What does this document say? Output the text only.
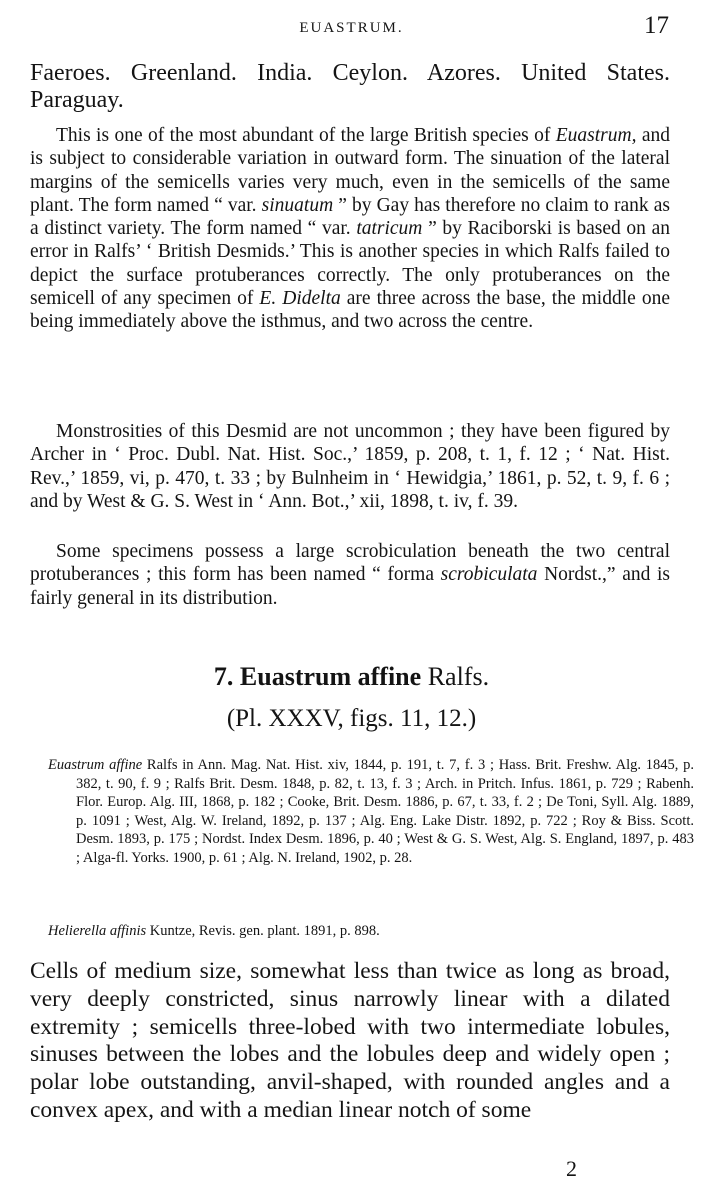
EUASTRUM.	17

Faeroes. Greenland. India. Ceylon. Azores. United States. Paraguay.

This is one of the most abundant of the large British species of Euastrum, and is subject to considerable variation in outward form. The sinuation of the lateral margins of the semicells varies very much, even in the semicells of the same plant. The form named “ var. sinuatum ” by Gay has therefore no claim to rank as a distinct variety. The form named “ var. tatricum ” by Raciborski is based on an error in Ralfs’ ‘ British Desmids.’ This is another species in which Ralfs failed to depict the surface protuberances correctly. The only protuberances on the semicell of any specimen of E. Didelta are three across the base, the middle one being immediately above the isthmus, and two across the centre.

Monstrosities of this Desmid are not uncommon ; they have been figured by Archer in ‘ Proc. Dubl. Nat. Hist. Soc.,’ 1859, p. 208, t. 1, f. 12 ; ‘ Nat. Hist. Rev.,’ 1859, vi, p. 470, t. 33 ; by Bulnheim in ‘ Hewidgia,’ 1861, p. 52, t. 9, f. 6 ; and by West & G. S. West in ‘ Ann. Bot.,’ xii, 1898, t. iv, f. 39.

Some specimens possess a large scrobiculation beneath the two central protuberances ; this form has been named “ forma scrobiculata Nordst.,” and is fairly general in its distribution.

7. Euastrum affine Ralfs.
(Pl. XXXV, figs. 11, 12.)

Euastrum affine Ralfs in Ann. Mag. Nat. Hist. xiv, 1844, p. 191, t. 7, f. 3 ; Hass. Brit. Freshw. Alg. 1845, p. 382, t. 90, f. 9 ; Ralfs Brit. Desm. 1848, p. 82, t. 13, f. 3 ; Arch. in Pritch. Infus. 1861, p. 729 ; Rabenh. Flor. Europ. Alg. III, 1868, p. 182 ; Cooke, Brit. Desm. 1886, p. 67, t. 33, f. 2 ; De Toni, Syll. Alg. 1889, p. 1091 ; West, Alg. W. Ireland, 1892, p. 137 ; Alg. Eng. Lake Distr. 1892, p. 722 ; Roy & Biss. Scott. Desm. 1893, p. 175 ; Nordst. Index Desm. 1896, p. 40 ; West & G. S. West, Alg. S. England, 1897, p. 483 ; Alga-fl. Yorks. 1900, p. 61 ; Alg. N. Ireland, 1902, p. 28.

Helierella affinis Kuntze, Revis. gen. plant. 1891, p. 898.

Cells of medium size, somewhat less than twice as long as broad, very deeply constricted, sinus narrowly linear with a dilated extremity ; semicells three-lobed with two intermediate lobules, sinuses between the lobes and the lobules deep and widely open ; polar lobe outstanding, anvil-shaped, with rounded angles and a convex apex, and with a median linear notch of some

2
